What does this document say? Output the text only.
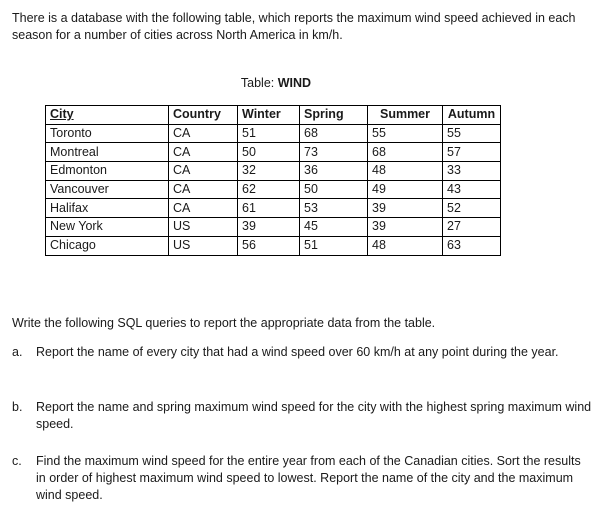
There is a database with the following table, which reports the maximum wind speed achieved in each season for a number of cities across North America in km/h.
Table: WIND
City	Country	Winter	Spring	Summer	Autumn
Toronto	CA	51	68	55	55
Montreal	CA	50	73	68	57
Edmonton	CA	32	36	48	33
Vancouver	CA	62	50	49	43
Halifax	CA	61	53	39	52
New York	US	39	45	39	27
Chicago	US	56	51	48	63
Write the following SQL queries to report the appropriate data from the table.
a.	Report the name of every city that had a wind speed over 60 km/h at any point during the year.
b.	Report the name and spring maximum wind speed for the city with the highest spring maximum wind speed.
c.	Find the maximum wind speed for the entire year from each of the Canadian cities. Sort the results in order of highest maximum wind speed to lowest. Report the name of the city and the maximum wind speed.
